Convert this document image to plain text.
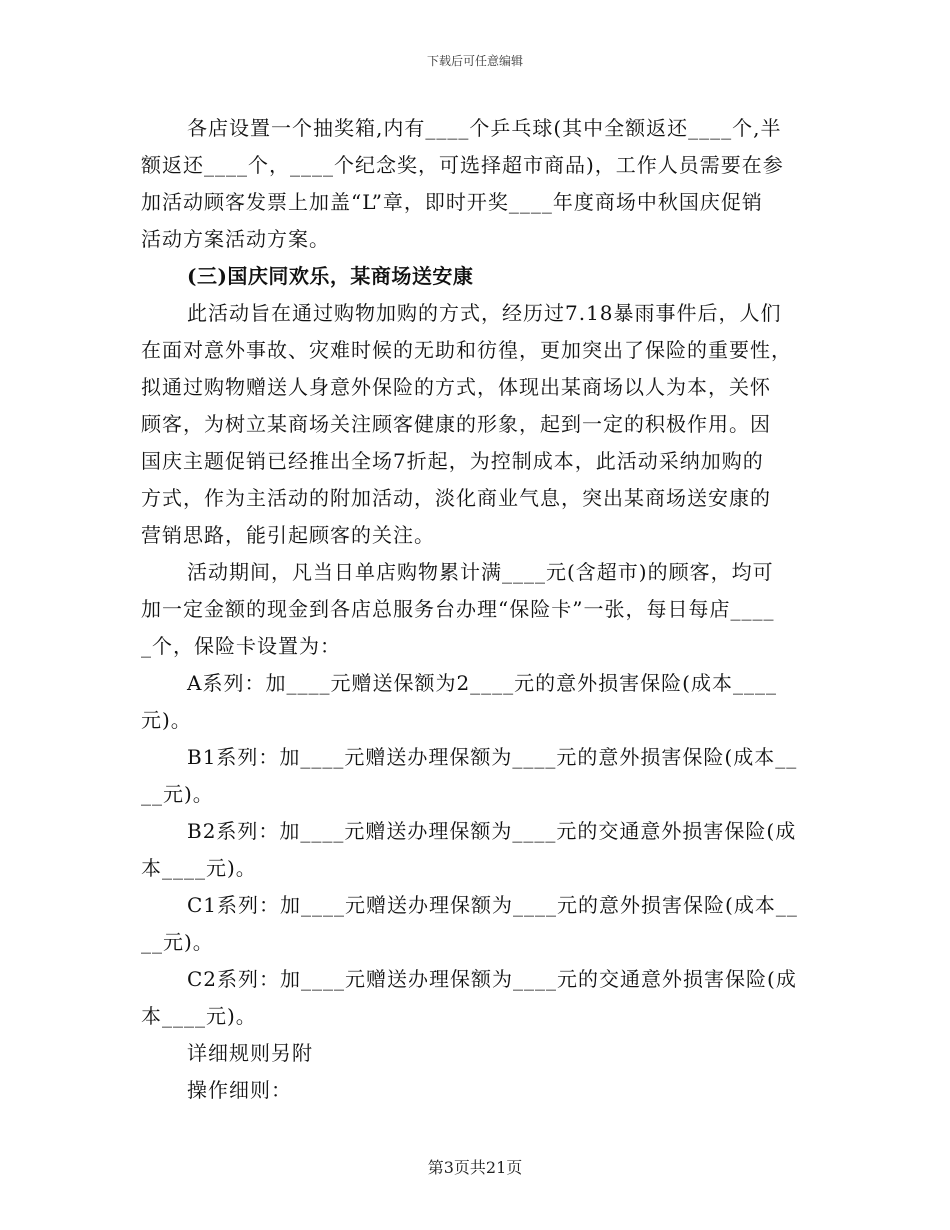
下载后可任意编辑
各店设置一个抽奖箱,内有____个乒乓球(其中全额返还____个,半
额返还____个，____个纪念奖，可选择超市商品)，工作人员需要在参
加活动顾客发票上加盖“L”章，即时开奖____年度商场中秋国庆促销
活动方案活动方案。
(三)国庆同欢乐，某商场送安康
此活动旨在通过购物加购的方式，经历过7.18暴雨事件后，人们
在面对意外事故、灾难时候的无助和彷徨，更加突出了保险的重要性，
拟通过购物赠送人身意外保险的方式，体现出某商场以人为本，关怀
顾客，为树立某商场关注顾客健康的形象，起到一定的积极作用。因
国庆主题促销已经推出全场7折起，为控制成本，此活动采纳加购的
方式，作为主活动的附加活动，淡化商业气息，突出某商场送安康的
营销思路，能引起顾客的关注。
活动期间，凡当日单店购物累计满____元(含超市)的顾客，均可
加一定金额的现金到各店总服务台办理“保险卡”一张，每日每店____
_个，保险卡设置为：
A系列：加____元赠送保额为2____元的意外损害保险(成本____
元)。
B1系列：加____元赠送办理保额为____元的意外损害保险(成本__
__元)。
B2系列：加____元赠送办理保额为____元的交通意外损害保险(成
本____元)。
C1系列：加____元赠送办理保额为____元的意外损害保险(成本__
__元)。
C2系列：加____元赠送办理保额为____元的交通意外损害保险(成
本____元)。
详细规则另附
操作细则：
第3页共21页
